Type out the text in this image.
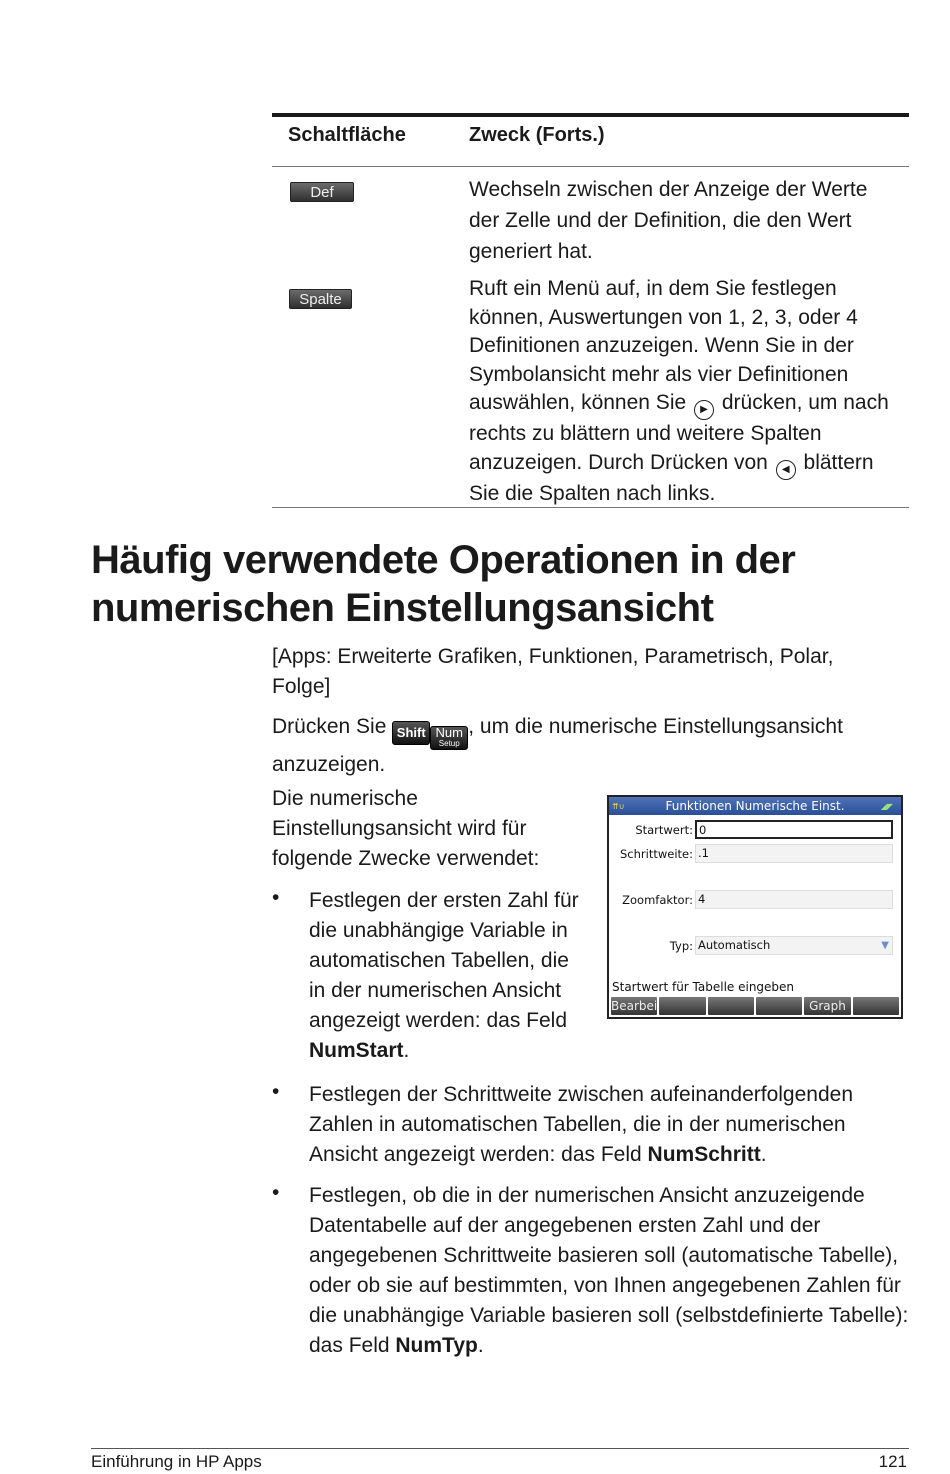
Schaltfläche	Zweck (Forts.)
Def	Wechseln zwischen der Anzeige der Werte der Zelle und der Definition, die den Wert generiert hat.
Spalte	Ruft ein Menü auf, in dem Sie festlegen können, Auswertungen von 1, 2, 3, oder 4 Definitionen anzuzeigen. Wenn Sie in der Symbolansicht mehr als vier Definitionen auswählen, können Sie ▶ drücken, um nach rechts zu blättern und weitere Spalten anzuzeigen. Durch Drücken von ◀ blättern Sie die Spalten nach links.
Häufig verwendete Operationen in der numerischen Einstellungsansicht
[Apps: Erweiterte Grafiken, Funktionen, Parametrisch, Polar, Folge]
Drücken Sie Shift Num
Setup
, um die numerische Einstellungsansicht anzuzeigen.
Die numerische Einstellungsansicht wird für folgende Zwecke verwendet:
• Festlegen der ersten Zahl für die unabhängige Variable in automatischen Tabellen, die in der numerischen Ansicht angezeigt werden: das Feld NumStart.
⇈∪	Funktionen Numerische Einst.	◢◤
Startwert: 0
Schrittweite: .1
Zoomfaktor: 4
Typ: Automatisch	▼
Startwert für Tabelle eingeben
Bearbei	Graph
• Festlegen der Schrittweite zwischen aufeinanderfolgenden Zahlen in automatischen Tabellen, die in der numerischen Ansicht angezeigt werden: das Feld NumSchritt.
• Festlegen, ob die in der numerischen Ansicht anzuzeigende Datentabelle auf der angegebenen ersten Zahl und der angegebenen Schrittweite basieren soll (automatische Tabelle), oder ob sie auf bestimmten, von Ihnen angegebenen Zahlen für die unabhängige Variable basieren soll (selbstdefinierte Tabelle): das Feld NumTyp.
Einführung in HP Apps	121
